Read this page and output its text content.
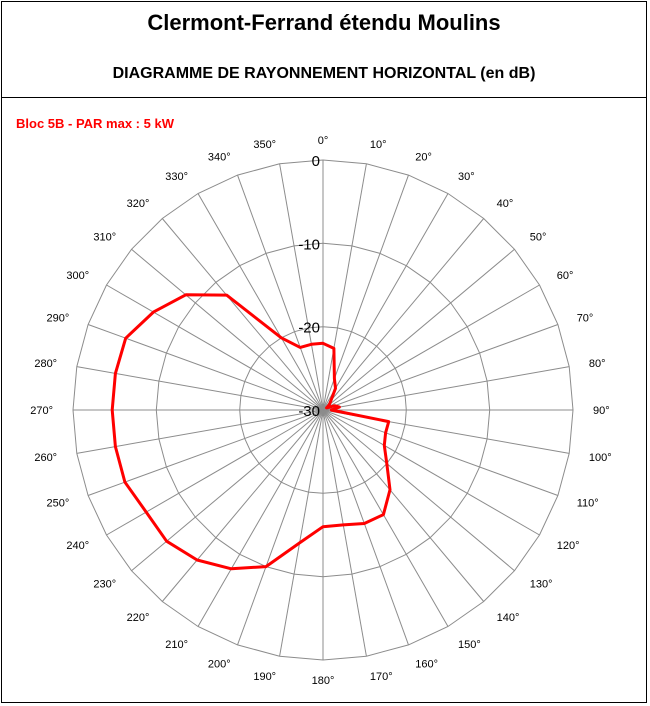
Clermont-Ferrand étendu Moulins
DIAGRAMME DE RAYONNEMENT HORIZONTAL (en dB)
Bloc 5B - PAR max : 5 kW
0°	10°
20°
30°
40°
50°
60°
70°
80°
90°
100°
110°
120°
130°
140°
150°
160°
170°
180°
190°
200°
210°
220°
230°
240°
250°
260°
270°
280°
290°
300°
310°
320°
330°
340°
350°
0
-10
-20
-30
